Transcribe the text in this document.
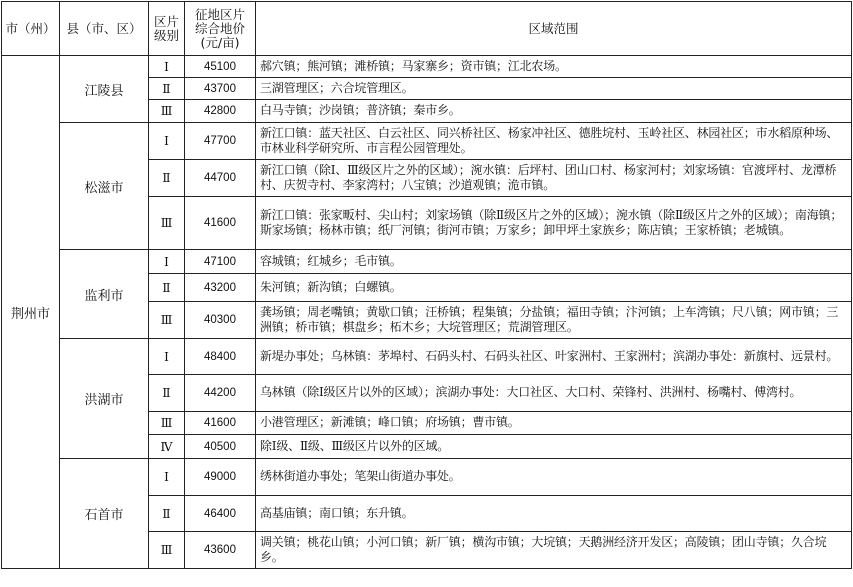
市（州）	县（市、区）	区片
级别	征地区片
综合地价
(元/亩)	区域范围
荆州市	江陵县	Ⅰ	45100	郝穴镇；熊河镇；滩桥镇；马家寨乡；资市镇；江北农场。
		Ⅱ	43700	三湖管理区；六合垸管理区。
		Ⅲ	42800	白马寺镇；沙岗镇；普济镇；秦市乡。
	松滋市	Ⅰ	47700	新江口镇：蓝天社区、白云社区、同兴桥社区、杨家冲社区、德胜垸村、玉岭社区、林园社区；市水稻原种场、市林业科学研究所、市言程公园管理处。
		Ⅱ	44700	新江口镇（除Ⅰ、Ⅲ级区片之外的区域）；涴水镇：后坪村、团山口村、杨家河村；刘家场镇：官渡坪村、龙潭桥村、庆贺寺村、李家湾村；八宝镇；沙道观镇；洈市镇。
		Ⅲ	41600	新江口镇：张家畈村、尖山村；刘家场镇（除Ⅱ级区片之外的区域）；涴水镇（除Ⅱ级区片之外的区域）；南海镇；斯家场镇；杨林市镇；纸厂河镇；街河市镇；万家乡；卸甲坪土家族乡；陈店镇；王家桥镇；老城镇。
	监利市	Ⅰ	47100	容城镇；红城乡；毛市镇。
		Ⅱ	43200	朱河镇；新沟镇；白螺镇。
		Ⅲ	40300	龚场镇；周老嘴镇；黄歇口镇；汪桥镇；程集镇；分盐镇；福田寺镇；汴河镇；上车湾镇；尺八镇；网市镇；三洲镇；桥市镇；棋盘乡；柘木乡；大垸管理区；荒湖管理区。
	洪湖市	Ⅰ	48400	新堤办事处；乌林镇：茅埠村、石码头村、石码头社区、叶家洲村、王家洲村；滨湖办事处：新旗村、远景村。
		Ⅱ	44200	乌林镇（除Ⅰ级区片以外的区域）；滨湖办事处：大口社区、大口村、荣锋村、洪洲村、杨嘴村、傅湾村。
		Ⅲ	41600	小港管理区；新滩镇；峰口镇；府场镇；曹市镇。
		Ⅳ	40500	除Ⅰ级、Ⅱ级、Ⅲ级区片以外的区域。
	石首市	Ⅰ	49000	绣林街道办事处；笔架山街道办事处。
		Ⅱ	46400	高基庙镇；南口镇；东升镇。
		Ⅲ	43600	调关镇；桃花山镇；小河口镇；新厂镇；横沟市镇；大垸镇；天鹅洲经济开发区；高陵镇；团山寺镇；久合垸乡。
